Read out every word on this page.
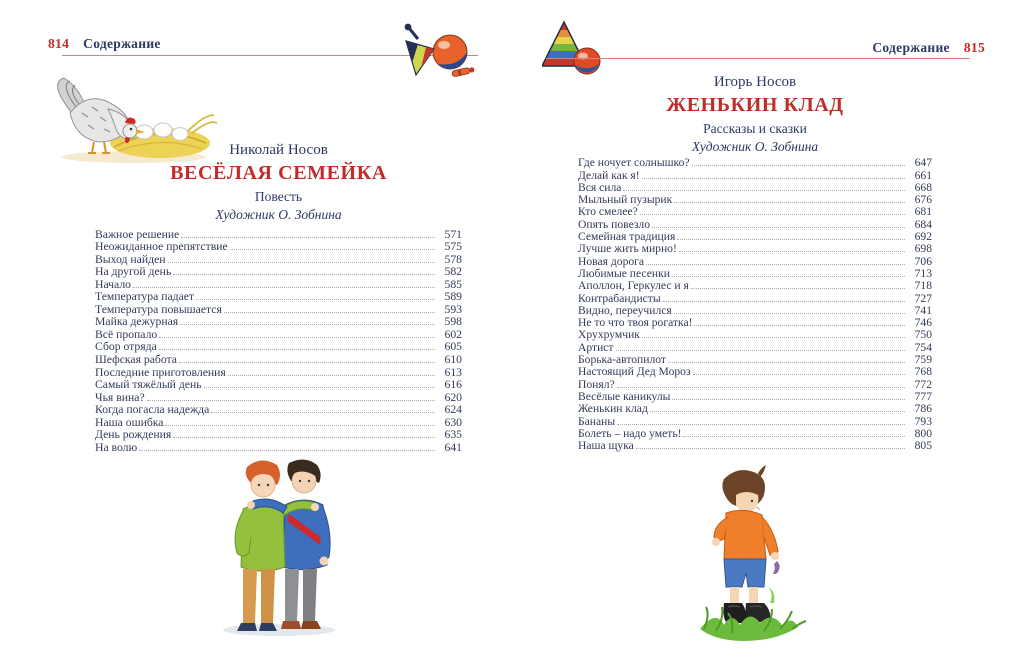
814 Содержание
Николай Носов
ВЕСЁЛАЯ СЕМЕЙКА
Повесть
Художник О. Зобнина
Важное решение	571
Неожиданное препятствие	575
Выход найден	578
На другой день	582
Начало	585
Температура падает	589
Температура повышается	593
Майка дежурная	598
Всё пропало	602
Сбор отряда	605
Шефская работа	610
Последние приготовления	613
Самый тяжёлый день	616
Чья вина?	620
Когда погасла надежда	624
Наша ошибка	630
День рождения	635
На волю	641
Содержание 815
Игорь Носов
ЖЕНЬКИН КЛАД
Рассказы и сказки
Художник О. Зобнина
Где ночует солнышко?	647
Делай как я!	661
Вся сила	668
Мыльный пузырик	676
Кто смелее?	681
Опять повезло	684
Семейная традиция	692
Лучше жить мирно!	698
Новая дорога	706
Любимые песенки	713
Аполлон, Геркулес и я	718
Контрабандисты	727
Видно, переучился	741
Не то что твоя рогатка!	746
Хрухрумчик	750
Артист	754
Борька-автопилот	759
Настоящий Дед Мороз	768
Понял?	772
Весёлые каникулы	777
Женькин клад	786
Бананы	793
Болеть – надо уметь!	800
Наша щука	805
